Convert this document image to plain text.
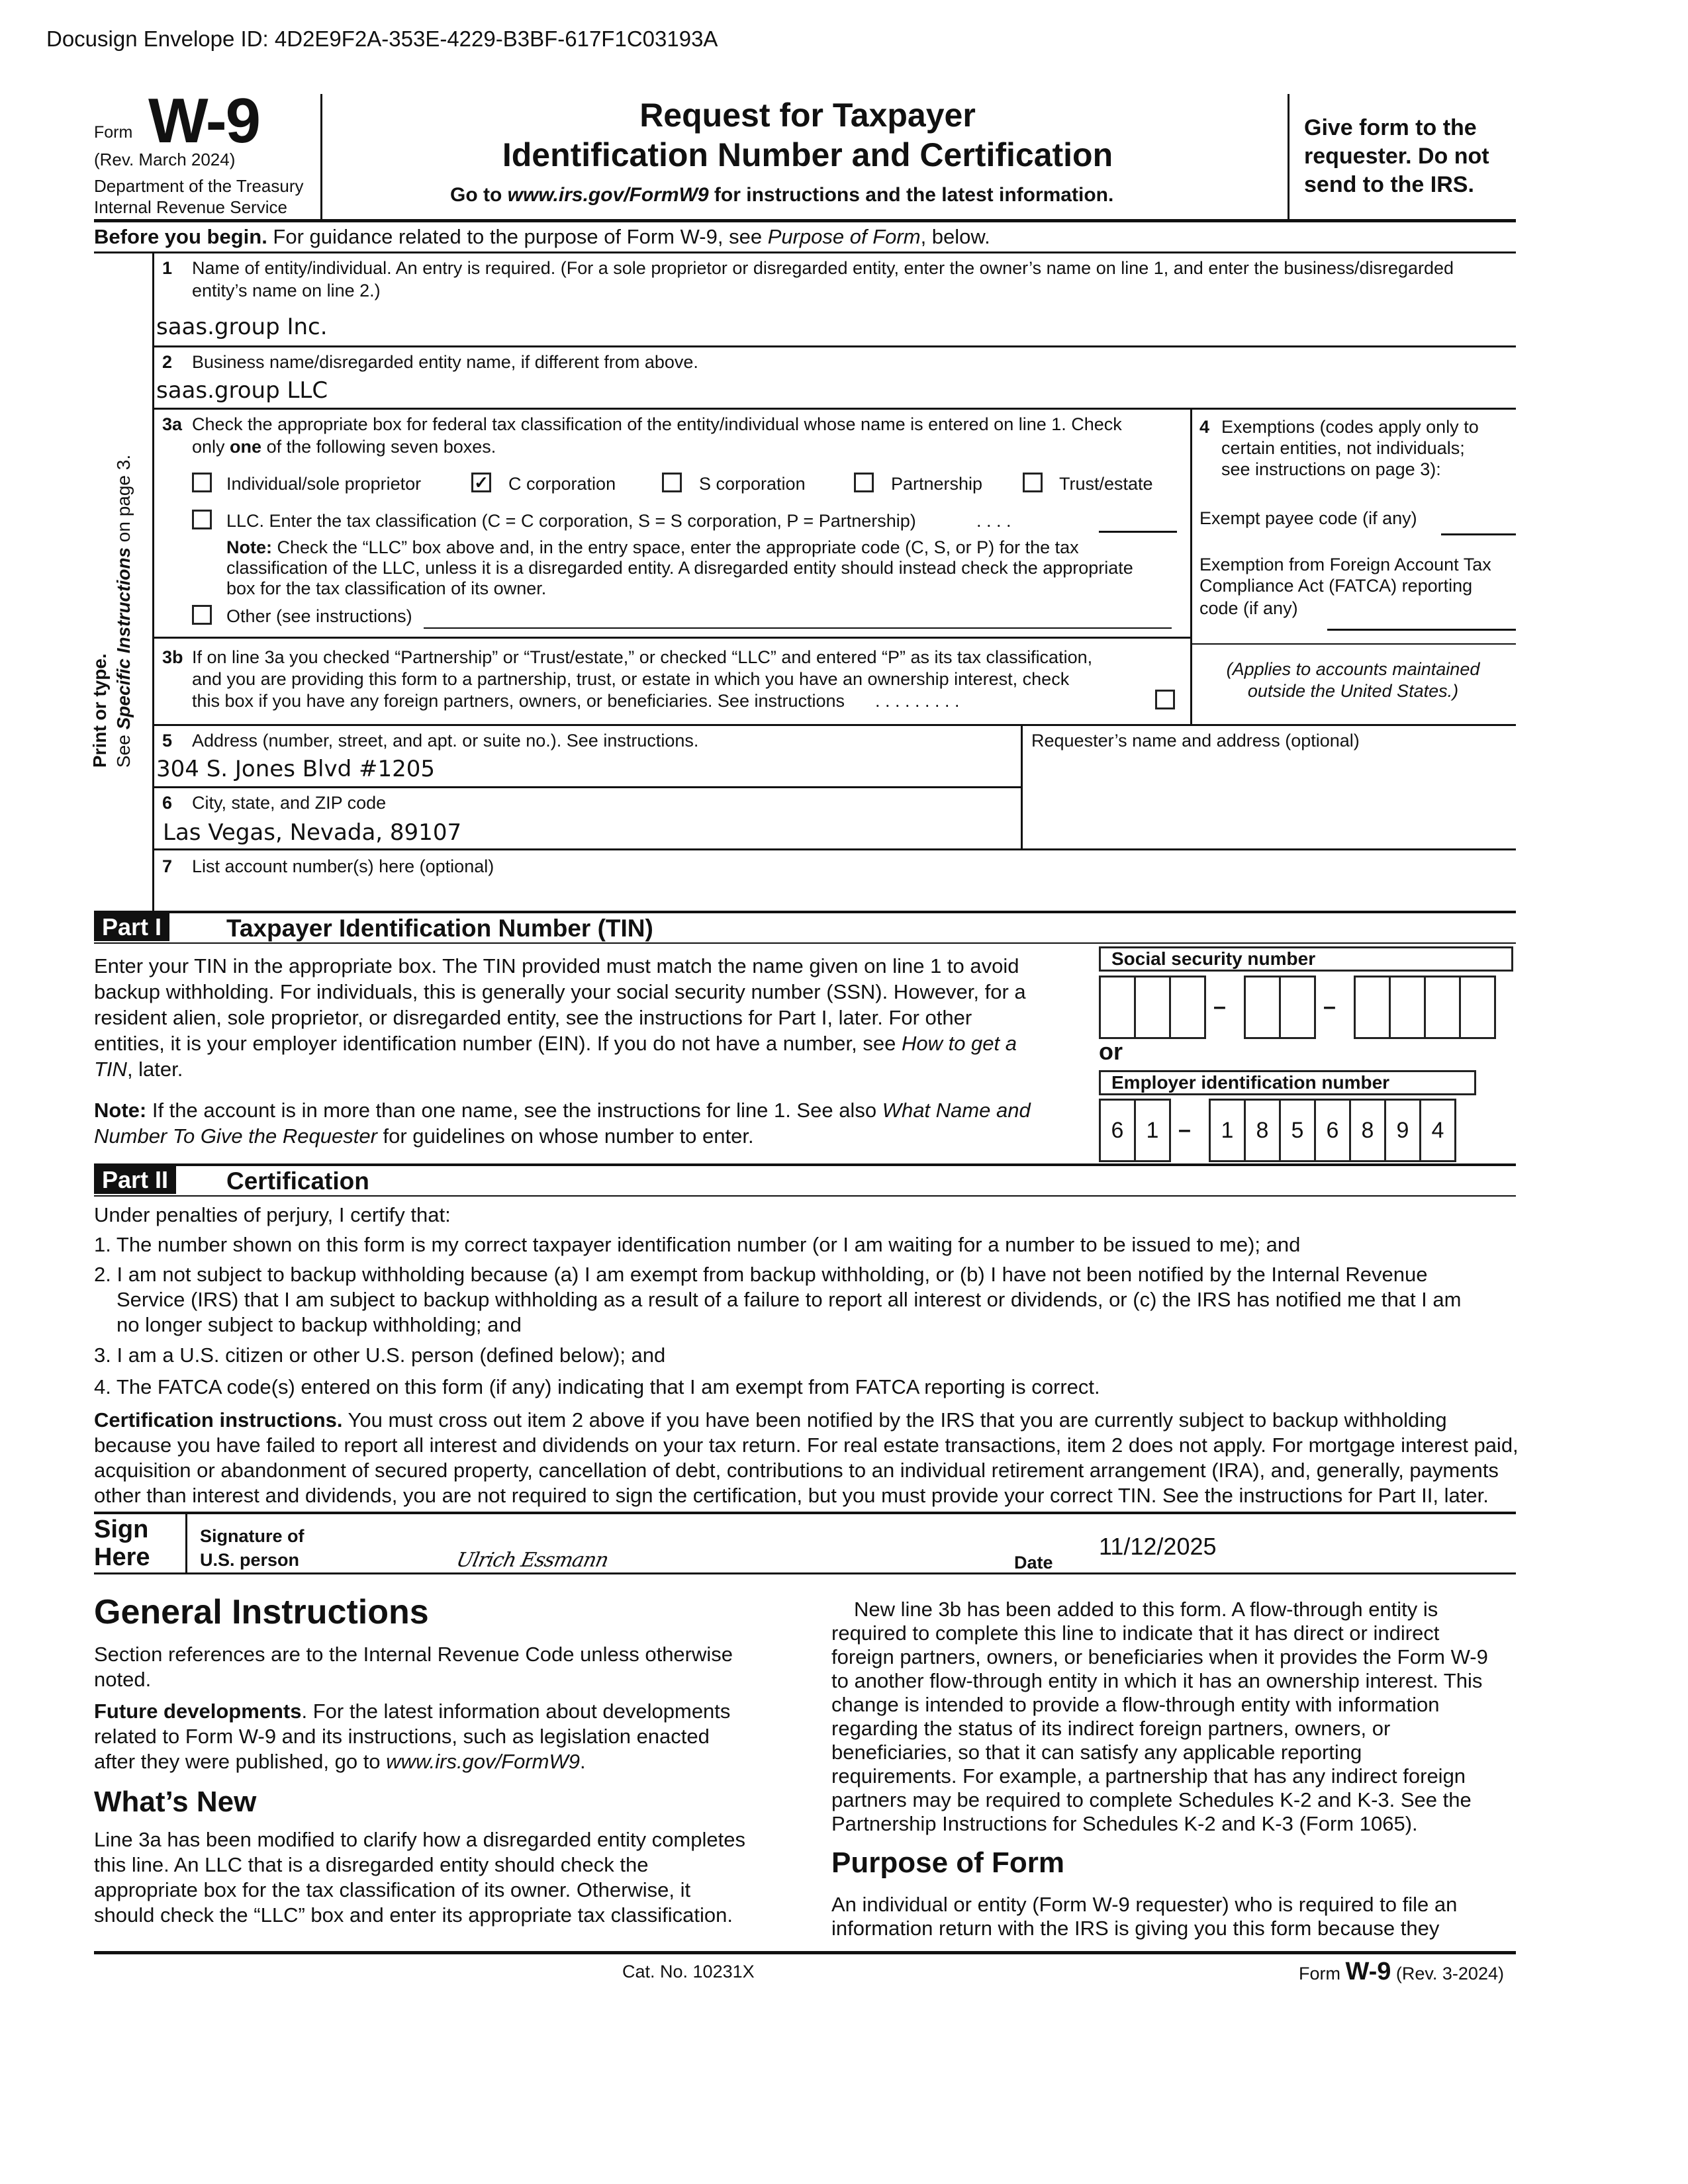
Docusign Envelope ID: 4D2E9F2A-353E-4229-B3BF-617F1C03193A
Form W-9
(Rev. March 2024)
Department of the Treasury
Internal Revenue Service
Request for Taxpayer
Identification Number and Certification
Go to www.irs.gov/FormW9 for instructions and the latest information.
Give form to the
requester. Do not
send to the IRS.
Before you begin. For guidance related to the purpose of Form W-9, see Purpose of Form, below.
Print or type. See Specific Instructions on page 3.
1 Name of entity/individual. An entry is required. (For a sole proprietor or disregarded entity, enter the owner’s name on line 1, and enter the business/disregarded
entity’s name on line 2.)
saas.group Inc.
2 Business name/disregarded entity name, if different from above.
saas.group LLC
3a Check the appropriate box for federal tax classification of the entity/individual whose name is entered on line 1. Check
only one of the following seven boxes.
Individual/sole proprietor	✓ C corporation	S corporation	Partnership	Trust/estate
LLC. Enter the tax classification (C = C corporation, S = S corporation, P = Partnership)	. . . .
Note: Check the “LLC” box above and, in the entry space, enter the appropriate code (C, S, or P) for the tax
classification of the LLC, unless it is a disregarded entity. A disregarded entity should instead check the appropriate
box for the tax classification of its owner.
Other (see instructions)
3b If on line 3a you checked “Partnership” or “Trust/estate,” or checked “LLC” and entered “P” as its tax classification,
and you are providing this form to a partnership, trust, or estate in which you have an ownership interest, check
this box if you have any foreign partners, owners, or beneficiaries. See instructions . . . . . . . . .
4 Exemptions (codes apply only to
certain entities, not individuals;
see instructions on page 3):
Exempt payee code (if any)
Exemption from Foreign Account Tax
Compliance Act (FATCA) reporting
code (if any)
(Applies to accounts maintained
outside the United States.)
5 Address (number, street, and apt. or suite no.). See instructions.
304 S. Jones Blvd #1205
6 City, state, and ZIP code
Las Vegas, Nevada, 89107
Requester’s name and address (optional)
7 List account number(s) here (optional)
Part I	Taxpayer Identification Number (TIN)
Enter your TIN in the appropriate box. The TIN provided must match the name given on line 1 to avoid
backup withholding. For individuals, this is generally your social security number (SSN). However, for a
resident alien, sole proprietor, or disregarded entity, see the instructions for Part I, later. For other
entities, it is your employer identification number (EIN). If you do not have a number, see How to get a
TIN, later.
Note: If the account is in more than one name, see the instructions for line 1. See also What Name and
Number To Give the Requester for guidelines on whose number to enter.
Social security number
–	–
or
Employer identification number
6	1 –	1	8	5	6	8	9	4
Part II	Certification
Under penalties of perjury, I certify that:
1. The number shown on this form is my correct taxpayer identification number (or I am waiting for a number to be issued to me); and
2. I am not subject to backup withholding because (a) I am exempt from backup withholding, or (b) I have not been notified by the Internal Revenue
Service (IRS) that I am subject to backup withholding as a result of a failure to report all interest or dividends, or (c) the IRS has notified me that I am
no longer subject to backup withholding; and
3. I am a U.S. citizen or other U.S. person (defined below); and
4. The FATCA code(s) entered on this form (if any) indicating that I am exempt from FATCA reporting is correct.
Certification instructions. You must cross out item 2 above if you have been notified by the IRS that you are currently subject to backup withholding
because you have failed to report all interest and dividends on your tax return. For real estate transactions, item 2 does not apply. For mortgage interest paid,
acquisition or abandonment of secured property, cancellation of debt, contributions to an individual retirement arrangement (IRA), and, generally, payments
other than interest and dividends, you are not required to sign the certification, but you must provide your correct TIN. See the instructions for Part II, later.
Sign
Here
Signature of
U.S. person	Ulrich Essmann	Date
11/12/2025
General Instructions
Section references are to the Internal Revenue Code unless otherwise
noted.
Future developments. For the latest information about developments
related to Form W-9 and its instructions, such as legislation enacted
after they were published, go to www.irs.gov/FormW9.
What’s New
Line 3a has been modified to clarify how a disregarded entity completes
this line. An LLC that is a disregarded entity should check the
appropriate box for the tax classification of its owner. Otherwise, it
should check the “LLC” box and enter its appropriate tax classification.
New line 3b has been added to this form. A flow-through entity is
required to complete this line to indicate that it has direct or indirect
foreign partners, owners, or beneficiaries when it provides the Form W-9
to another flow-through entity in which it has an ownership interest. This
change is intended to provide a flow-through entity with information
regarding the status of its indirect foreign partners, owners, or
beneficiaries, so that it can satisfy any applicable reporting
requirements. For example, a partnership that has any indirect foreign
partners may be required to complete Schedules K-2 and K-3. See the
Partnership Instructions for Schedules K-2 and K-3 (Form 1065).
Purpose of Form
An individual or entity (Form W-9 requester) who is required to file an
information return with the IRS is giving you this form because they
Cat. No. 10231X	Form W-9 (Rev. 3-2024)
